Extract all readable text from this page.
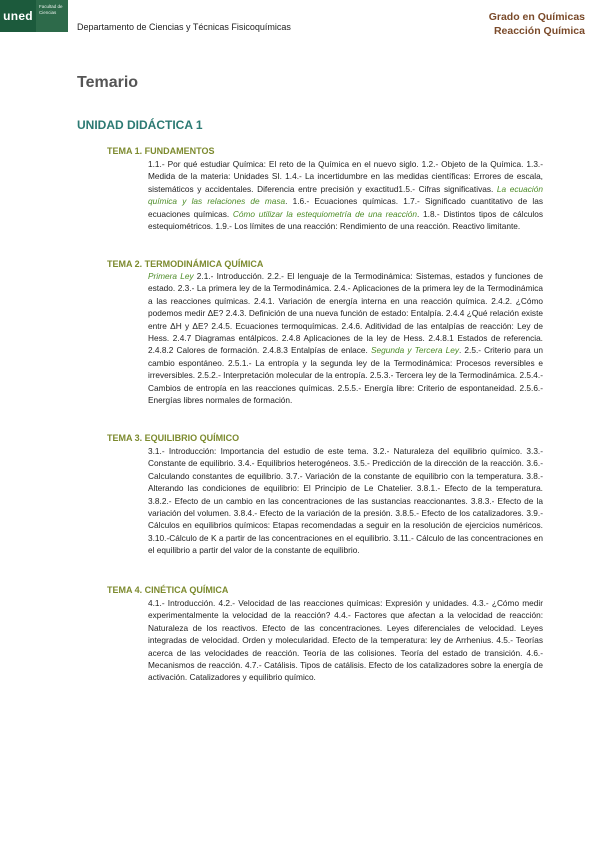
uned
Facultad de Ciencias
Departamento de Ciencias y Técnicas Fisicoquímicas
Grado en Químicas
Reacción Química
Temario
UNIDAD DIDÁCTICA 1
TEMA 1. FUNDAMENTOS
1.1.- Por qué estudiar Química: El reto de la Química en el nuevo siglo. 1.2.- Objeto de la Química. 1.3.-Medida de la materia: Unidades SI. 1.4.- La incertidumbre en las medidas científicas: Errores de escala, sistemáticos y accidentales. Diferencia entre precisión y exactitud1.5.- Cifras significativas. La ecuación química y las relaciones de masa. 1.6.- Ecuaciones químicas. 1.7.- Significado cuantitativo de las ecuaciones químicas. Cómo utilizar la estequiometría de una reacción. 1.8.- Distintos tipos de cálculos estequiométricos. 1.9.- Los límites de una reacción: Rendimiento de una reacción. Reactivo limitante.
TEMA 2. TERMODINÁMICA QUÍMICA
Primera Ley 2.1.- Introducción. 2.2.- El lenguaje de la Termodinámica: Sistemas, estados y funciones de estado. 2.3.- La primera ley de la Termodinámica. 2.4.- Aplicaciones de la primera ley de la Termodinámica a las reacciones químicas. 2.4.1. Variación de energía interna en una reacción química. 2.4.2. ¿Cómo podemos medir ΔE? 2.4.3. Definición de una nueva función de estado: Entalpía. 2.4.4 ¿Qué relación existe entre ΔH y ΔE? 2.4.5. Ecuaciones termoquímicas. 2.4.6. Aditividad de las entalpías de reacción: Ley de Hess. 2.4.7 Diagramas entálpicos. 2.4.8 Aplicaciones de la ley de Hess. 2.4.8.1 Estados de referencia. 2.4.8.2 Calores de formación. 2.4.8.3 Entalpías de enlace. Segunda y Tercera Ley. 2.5.- Criterio para un cambio espontáneo. 2.5.1.- La entropía y la segunda ley de la Termodinámica: Procesos reversibles e irreversibles. 2.5.2.- Interpretación molecular de la entropía. 2.5.3.- Tercera ley de la Termodinámica. 2.5.4.- Cambios de entropía en las reacciones químicas. 2.5.5.- Energía libre: Criterio de espontaneidad. 2.5.6.- Energías libres normales de formación.
TEMA 3. EQUILIBRIO QUÍMICO
3.1.- Introducción: Importancia del estudio de este tema. 3.2.- Naturaleza del equilibrio químico. 3.3.- Constante de equilibrio. 3.4.- Equilibrios heterogéneos. 3.5.- Predicción de la dirección de la reacción. 3.6.- Calculando constantes de equilibrio. 3.7.- Variación de la constante de equilibrio con la temperatura. 3.8.- Alterando las condiciones de equilibrio: El Principio de Le Chatelier. 3.8.1.- Efecto de la temperatura. 3.8.2.- Efecto de un cambio en las concentraciones de las sustancias reaccionantes. 3.8.3.- Efecto de la variación del volumen. 3.8.4.- Efecto de la variación de la presión. 3.8.5.- Efecto de los catalizadores. 3.9.- Cálculos en equilibrios químicos: Etapas recomendadas a seguir en la resolución de ejercicios numéricos. 3.10.-Cálculo de K a partir de las concentraciones en el equilibrio. 3.11.- Cálculo de las concentraciones en el equilibrio a partir del valor de la constante de equilibrio.
TEMA 4. CINÉTICA QUÍMICA
4.1.- Introducción. 4.2.- Velocidad de las reacciones químicas: Expresión y unidades. 4.3.- ¿Cómo medir experimentalmente la velocidad de la reacción? 4.4.- Factores que afectan a la velocidad de reacción: Naturaleza de los reactivos. Efecto de las concentraciones. Leyes diferenciales de velocidad. Leyes integradas de velocidad. Orden y molecularidad. Efecto de la temperatura: ley de Arrhenius. 4.5.- Teorías acerca de las velocidades de reacción. Teoría de las colisiones. Teoría del estado de transición. 4.6.- Mecanismos de reacción. 4.7.- Catálisis. Tipos de catálisis. Efecto de los catalizadores sobre la energía de activación. Catalizadores y equilibrio químico.
